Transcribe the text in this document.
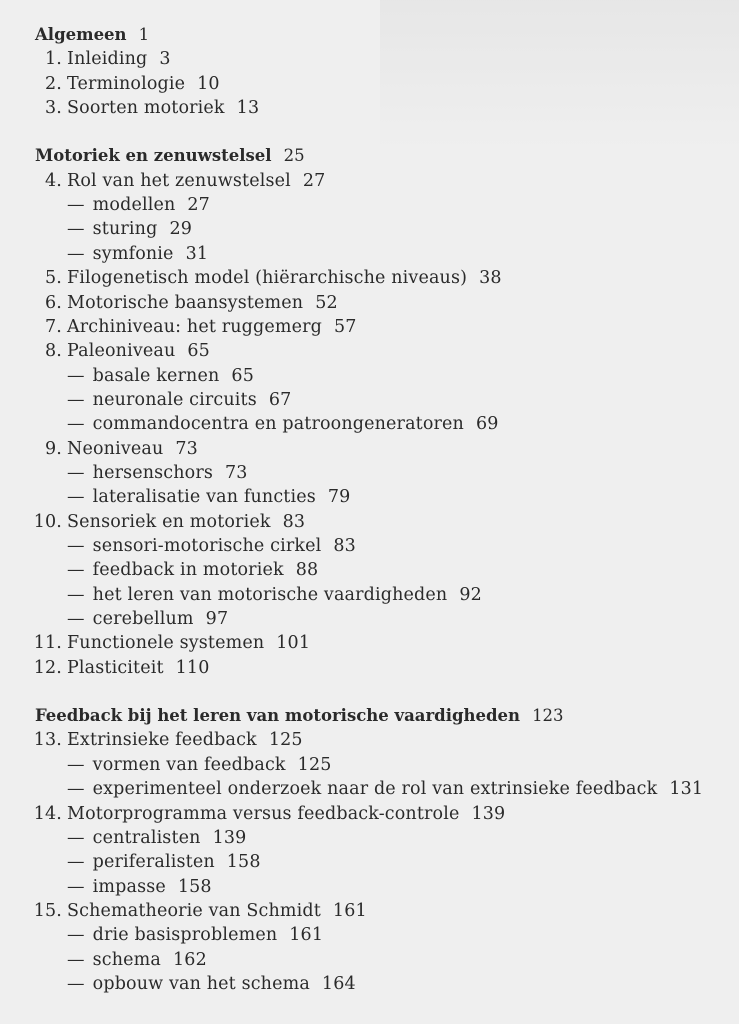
Algemeen 1
1. Inleiding 3
2. Terminologie 10
3. Soorten motoriek 13
Motoriek en zenuwstelsel 25
4. Rol van het zenuwstelsel 27
— modellen 27
— sturing 29
— symfonie 31
5. Filogenetisch model (hiërarchische niveaus) 38
6. Motorische baansystemen 52
7. Archiniveau: het ruggemerg 57
8. Paleoniveau 65
— basale kernen 65
— neuronale circuits 67
— commandocentra en patroongeneratoren 69
9. Neoniveau 73
— hersenschors 73
— lateralisatie van functies 79
10. Sensoriek en motoriek 83
— sensori-motorische cirkel 83
— feedback in motoriek 88
— het leren van motorische vaardigheden 92
— cerebellum 97
11. Functionele systemen 101
12. Plasticiteit 110
Feedback bij het leren van motorische vaardigheden 123
13. Extrinsieke feedback 125
— vormen van feedback 125
— experimenteel onderzoek naar de rol van extrinsieke feedback 131
14. Motorprogramma versus feedback-controle 139
— centralisten 139
— periferalisten 158
— impasse 158
15. Schematheorie van Schmidt 161
— drie basisproblemen 161
— schema 162
— opbouw van het schema 164
